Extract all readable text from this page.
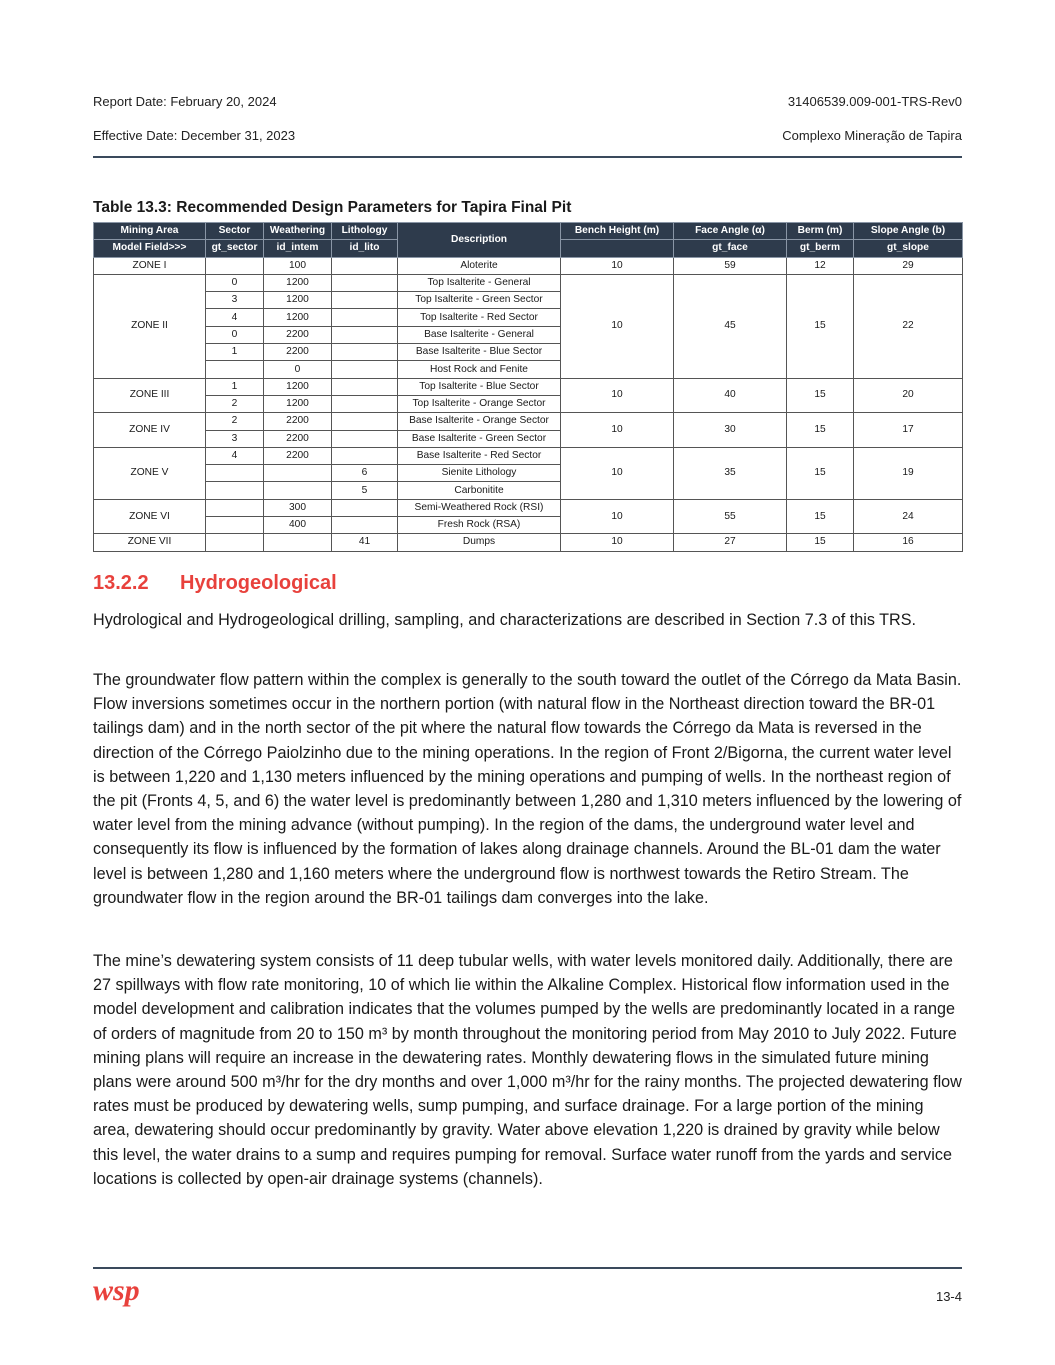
Report Date: February 20, 2024	31406539.009-001-TRS-Rev0
Effective Date: December 31, 2023	Complexo Mineração de Tapira
Table 13.3: Recommended Design Parameters for Tapira Final Pit
Mining Area	Sector	Weathering	Lithology	Description	Bench Height (m)	Face Angle (α)	Berm (m)	Slope Angle (b)
Model Field>>>	gt_sector	id_intem	id_lito			gt_face	gt_berm	gt_slope
ZONE I		100		Aloterite	10	59	12	29
ZONE II	0	1200		Top Isalterite - General	10	45	15	22
	3	1200		Top Isalterite - Green Sector				
	4	1200		Top Isalterite - Red Sector				
	0	2200		Base Isalterite - General				
	1	2200		Base Isalterite - Blue Sector				
		0		Host Rock and Fenite				
ZONE III	1	1200		Top Isalterite - Blue Sector	10	40	15	20
	2	1200		Top Isalterite - Orange Sector				
ZONE IV	2	2200		Base Isalterite - Orange Sector	10	30	15	17
	3	2200		Base Isalterite - Green Sector				
ZONE V	4	2200		Base Isalterite - Red Sector	10	35	15	19
			6	Sienite Lithology				
			5	Carbonitite				
ZONE VI		300		Semi-Weathered Rock (RSI)	10	55	15	24
		400		Fresh Rock (RSA)				
ZONE VII			41	Dumps	10	27	15	16
13.2.2 Hydrogeological

Hydrological and Hydrogeological drilling, sampling, and characterizations are described in Section 7.3 of this TRS.

The groundwater flow pattern within the complex is generally to the south toward the outlet of the Córrego da Mata Basin. Flow inversions sometimes occur in the northern portion (with natural flow in the Northeast direction toward the BR-01 tailings dam) and in the north sector of the pit where the natural flow towards the Córrego da Mata is reversed in the direction of the Córrego Paiolzinho due to the mining operations. In the region of Front 2/Bigorna, the current water level is between 1,220 and 1,130 meters influenced by the mining operations and pumping of wells. In the northeast region of the pit (Fronts 4, 5, and 6) the water level is predominantly between 1,280 and 1,310 meters influenced by the lowering of water level from the mining advance (without pumping). In the region of the dams, the underground water level and consequently its flow is influenced by the formation of lakes along drainage channels. Around the BL-01 dam the water level is between 1,280 and 1,160 meters where the underground flow is northwest towards the Retiro Stream. The groundwater flow in the region around the BR-01 tailings dam converges into the lake.

The mine’s dewatering system consists of 11 deep tubular wells, with water levels monitored daily. Additionally, there are 27 spillways with flow rate monitoring, 10 of which lie within the Alkaline Complex. Historical flow information used in the model development and calibration indicates that the volumes pumped by the wells are predominantly located in a range of orders of magnitude from 20 to 150 m³ by month throughout the monitoring period from May 2010 to July 2022. Future mining plans will require an increase in the dewatering rates. Monthly dewatering flows in the simulated future mining plans were around 500 m³/hr for the dry months and over 1,000 m³/hr for the rainy months. The projected dewatering flow rates must be produced by dewatering wells, sump pumping, and surface drainage. For a large portion of the mining area, dewatering should occur predominantly by gravity. Water above elevation 1,220 is drained by gravity while below this level, the water drains to a sump and requires pumping for removal. Surface water runoff from the yards and service locations is collected by open-air drainage systems (channels).

wsp	13-4
